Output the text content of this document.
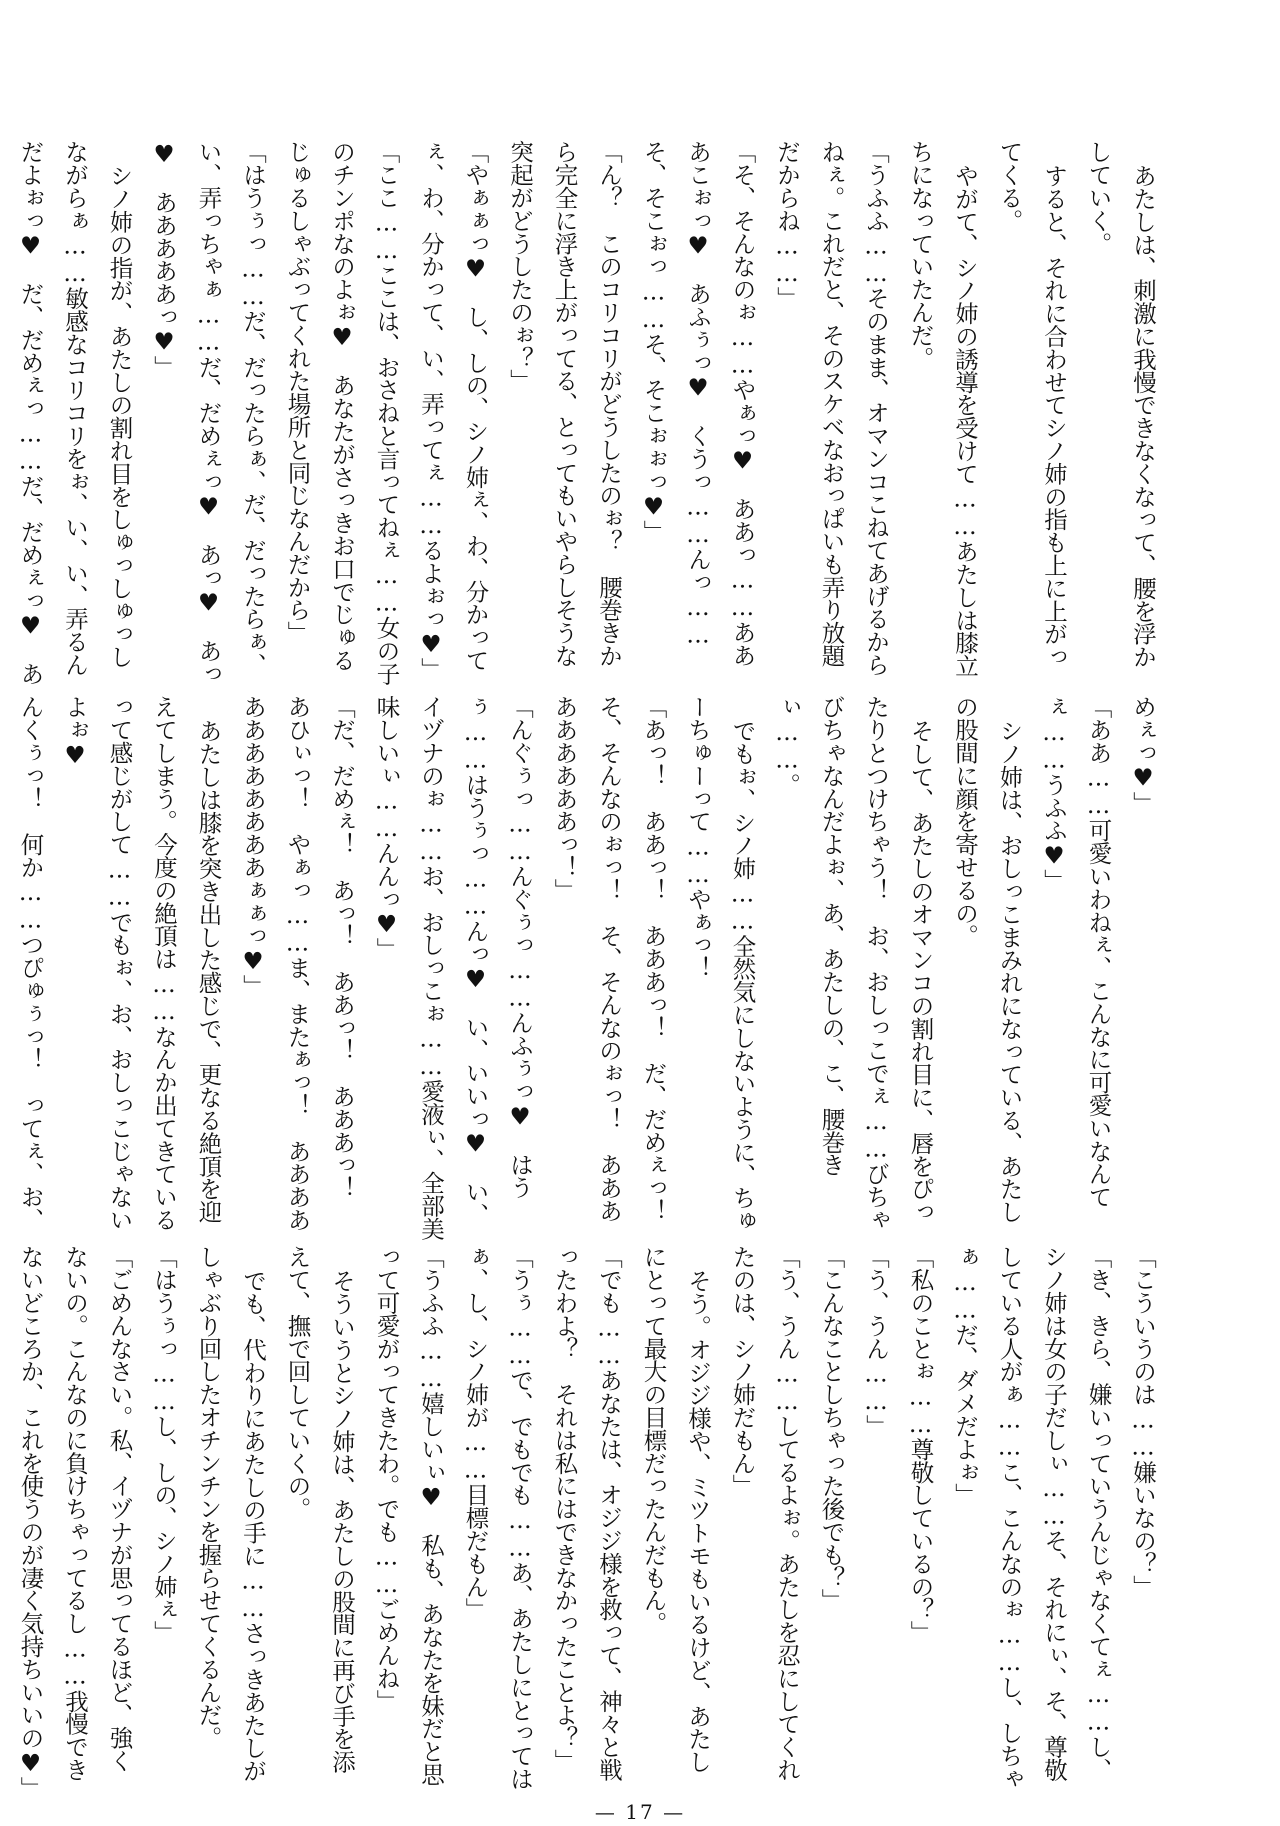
あたしは、刺激に我慢できなくなって、腰を浮かしていく。

すると、それに合わせてシノ姉の指も上に上がってくる。

やがて、シノ姉の誘導を受けて……あたしは膝立ちになっていたんだ。

「うふふ……そのまま、オマンコこねてあげるからねぇ。これだと、そのスケベなおっぱいも弄り放題だからね……」

「そ、そんなのぉ……やぁっ♥　ああっ……あああこぉっ♥　あふぅっ♥　くうっ……んっ……そ、そこぉっ……そ、そこぉぉっ♥」

「ん？　このコリコリがどうしたのぉ？　腰巻きから完全に浮き上がってる、とってもいやらしそうな突起がどうしたのぉ？」

「やぁぁっ♥　し、しの、シノ姉ぇ、わ、分かってぇ、わ、分かって、い、弄ってぇ……るよぉっ♥」

「ここ……ここは、おさねと言ってねぇ……女の子のチンポなのよぉ♥　あなたがさっきお口でじゅるじゅるしゃぶってくれた場所と同じなんだから」

「はうぅっ……だ、だったらぁ、だ、だったらぁ、い、弄っちゃぁ……だ、だめぇっ♥　あっ♥　あっ♥　あああああっ♥」

シノ姉の指が、あたしの割れ目をしゅっしゅっしながらぁ……敏感なコリコリをぉ、い、い、弄るんだよぉっ♥　だ、だめぇっ……だ、だめぇっ♥　あ　　

めぇっ♥」

「ああ……可愛いわねぇ、こんなに可愛いなんてぇ……うふふ♥」

シノ姉は、おしっこまみれになっている、あたしの股間に顔を寄せるの。

そして、あたしのオマンコの割れ目に、唇をぴったりとつけちゃう！　お、おしっこでぇ……びちゃびちゃなんだよぉ、あ、あたしの、こ、腰巻きぃ……。

でもぉ、シノ姉……全然気にしないように、ちゅーちゅーって……やぁっ！

「あっ！　ああっ！　あああっ！　だ、だめぇっ！　そ、そんなのぉっ！　そ、そんなのぉっ！　あああああああああっ！」

「んぐぅっ……んぐぅっ……んふぅっ♥　はうぅ……はうぅっ……んっ♥　い、いいっ♥　い、イヅナのぉ……お、おしっこぉ……愛液ぃ、全部美味しいぃ……んんっ♥」

「だ、だめぇ！　あっ！　ああっ！　あああっ！　あひぃっ！　やぁっ……ま、またぁっ！　ああああああああああああぁぁっ♥」

あたしは膝を突き出した感じで、更なる絶頂を迎えてしまう。今度の絶頂は……なんか出てきているって感じがして……でもぉ、お、おしっこじゃないよぉ♥

んくぅっ！　何か……つぴゅぅっ！　ってぇ、お、

「こういうのは……嫌いなの？」

「き、きら、嫌いっていうんじゃなくてぇ……し、シノ姉は女の子だしぃ……そ、それにぃ、そ、尊敬している人がぁ……こ、こんなのぉ……し、しちゃぁ……だ、ダメだよぉ」

「私のことぉ……尊敬しているの？」

「う、うん……」

「こんなことしちゃった後でも？」

「う、うん……してるよぉ。あたしを忍にしてくれたのは、シノ姉だもん」

そう。オジジ様や、ミツトモもいるけど、あたしにとって最大の目標だったんだもん。

「でも……あなたは、オジジ様を救って、神々と戦ったわよ？　それは私にはできなかったことよ？」

「うぅ……で、でもでも……あ、あたしにとってはぁ、し、シノ姉が……目標だもん」

「うふふ……嬉しいぃ♥　私も、あなたを妹だと思って可愛がってきたわ。でも……ごめんね」

そういうとシノ姉は、あたしの股間に再び手を添えて、撫で回していくの。

でも、代わりにあたしの手に……さっきあたしがしゃぶり回したオチンチンを握らせてくるんだ。

「はうぅっ……し、しの、シノ姉ぇ」

「ごめんなさい。私、イヅナが思ってるほど、強くないの。こんなのに負けちゃってるし……我慢できないどころか、これを使うのが凄く気持ちいいの♥」

— 17 —
